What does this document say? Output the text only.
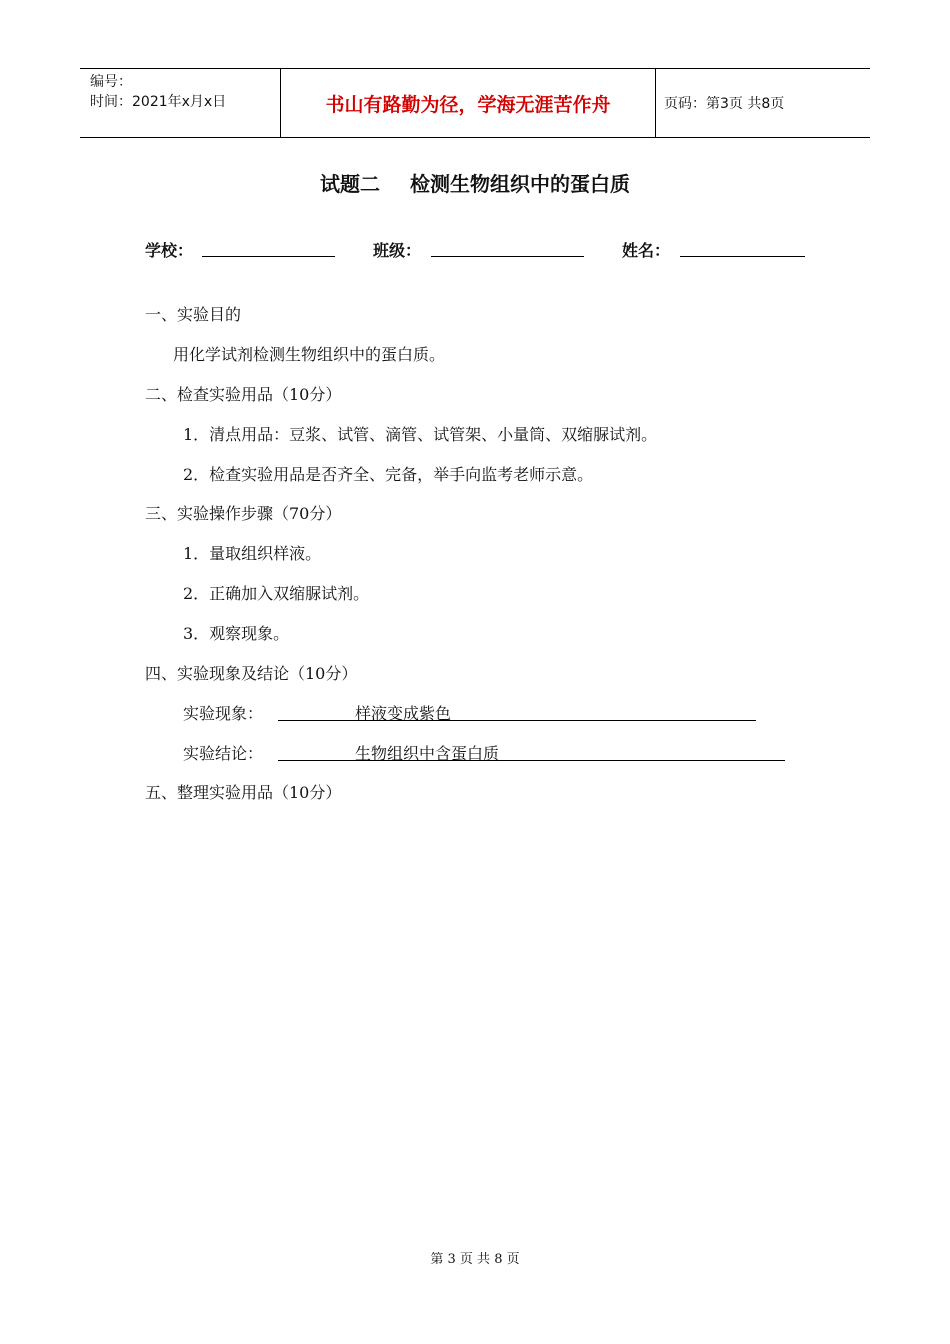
编号：
时间：2021年x月x日	书山有路勤为径，学海无涯苦作舟	页码：第3页 共8页
试题二 检测生物组织中的蛋白质
学校：	班级：	姓名：
一、实验目的
用化学试剂检测生物组织中的蛋白质。
二、检查实验用品（10分）
1．清点用品：豆浆、试管、滴管、试管架、小量筒、双缩脲试剂。
2．检查实验用品是否齐全、完备，举手向监考老师示意。
三、实验操作步骤（70分）
1．量取组织样液。
2．正确加入双缩脲试剂。
3．观察现象。
四、实验现象及结论（10分）
实验现象：	样液变成紫色
实验结论：	生物组织中含蛋白质
五、整理实验用品（10分）
第 3 页 共 8 页
